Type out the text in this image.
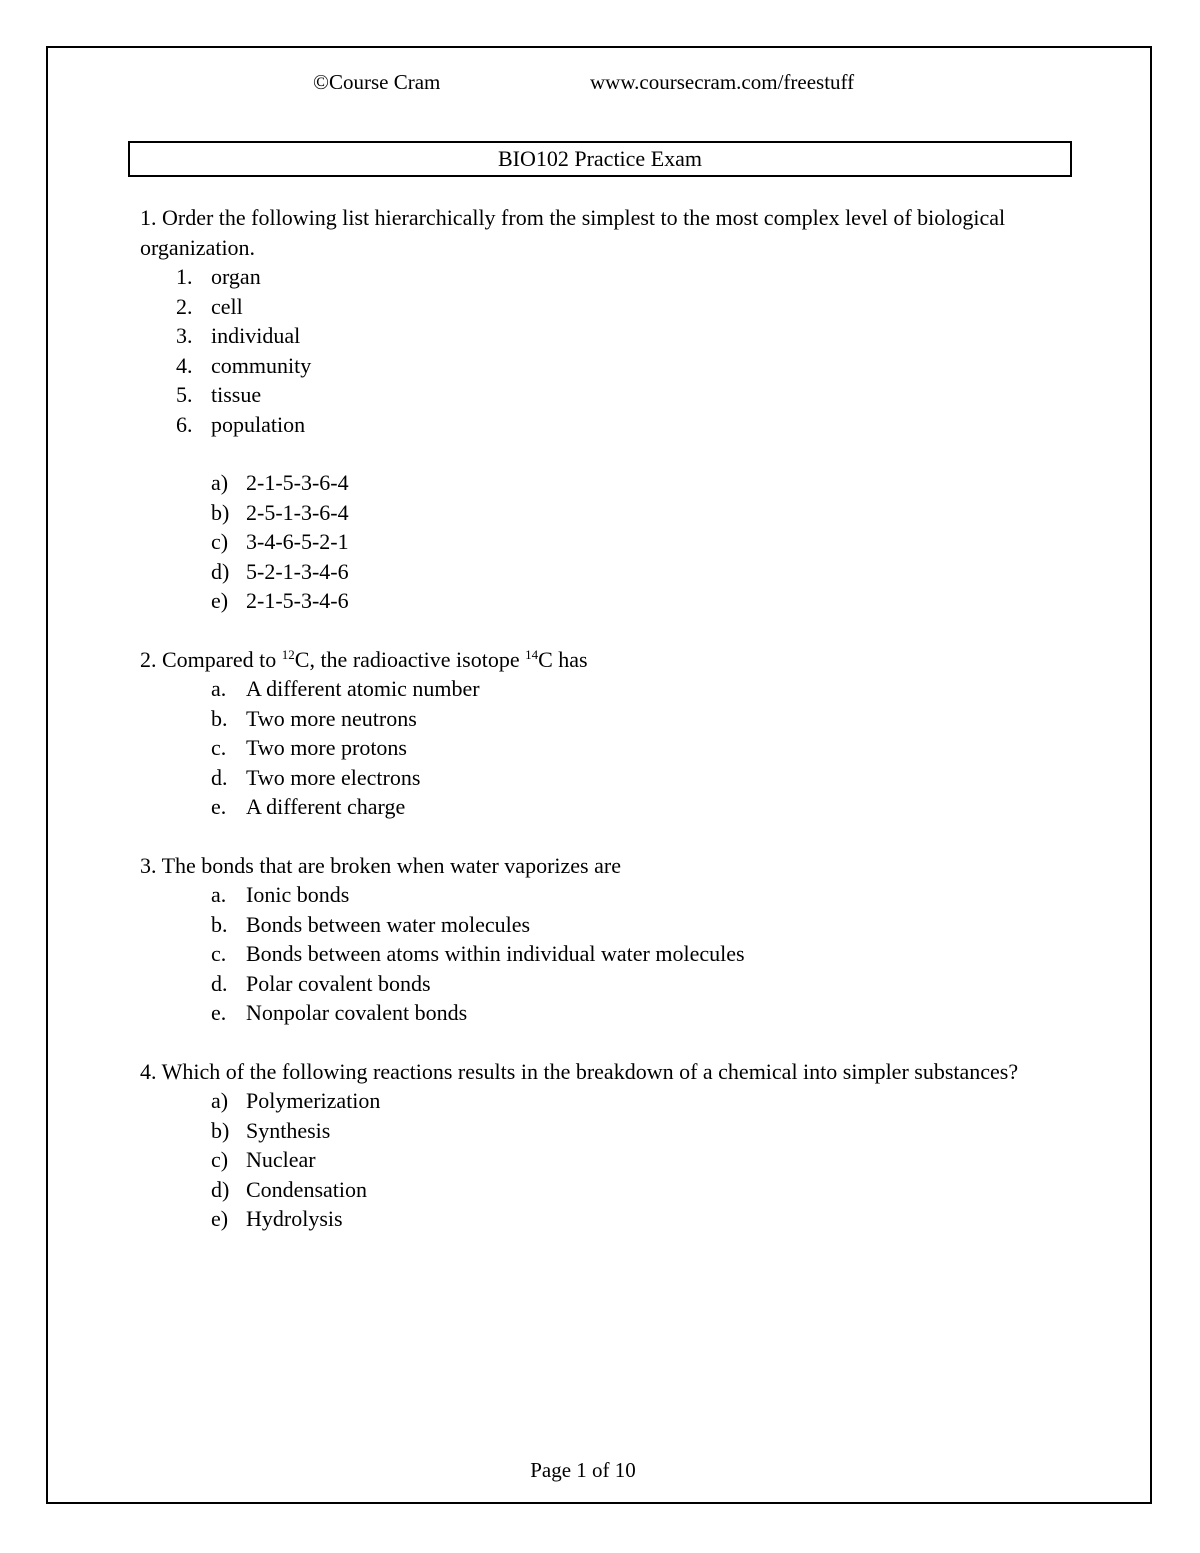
©Course Cram	www.coursecram.com/freestuff
BIO102 Practice Exam

1. Order the following list hierarchically from the simplest to the most complex level of biological organization.

1. organ
2. cell
3. individual
4. community
5. tissue
6. population
a) 2-1-5-3-6-4
b) 2-5-1-3-6-4
c) 3-4-6-5-2-1
d) 5-2-1-3-4-6
e) 2-1-5-3-4-6

2. Compared to $^{12}$C, the radioactive isotope $^{14}$C has

a. A different atomic number
b. Two more neutrons
c. Two more protons
d. Two more electrons
e. A different charge

3. The bonds that are broken when water vaporizes are

a. Ionic bonds
b. Bonds between water molecules
c. Bonds between atoms within individual water molecules
d. Polar covalent bonds
e. Nonpolar covalent bonds

4. Which of the following reactions results in the breakdown of a chemical into simpler substances?

a) Polymerization
b) Synthesis
c) Nuclear
d) Condensation
e) Hydrolysis
Page 1 of 10
